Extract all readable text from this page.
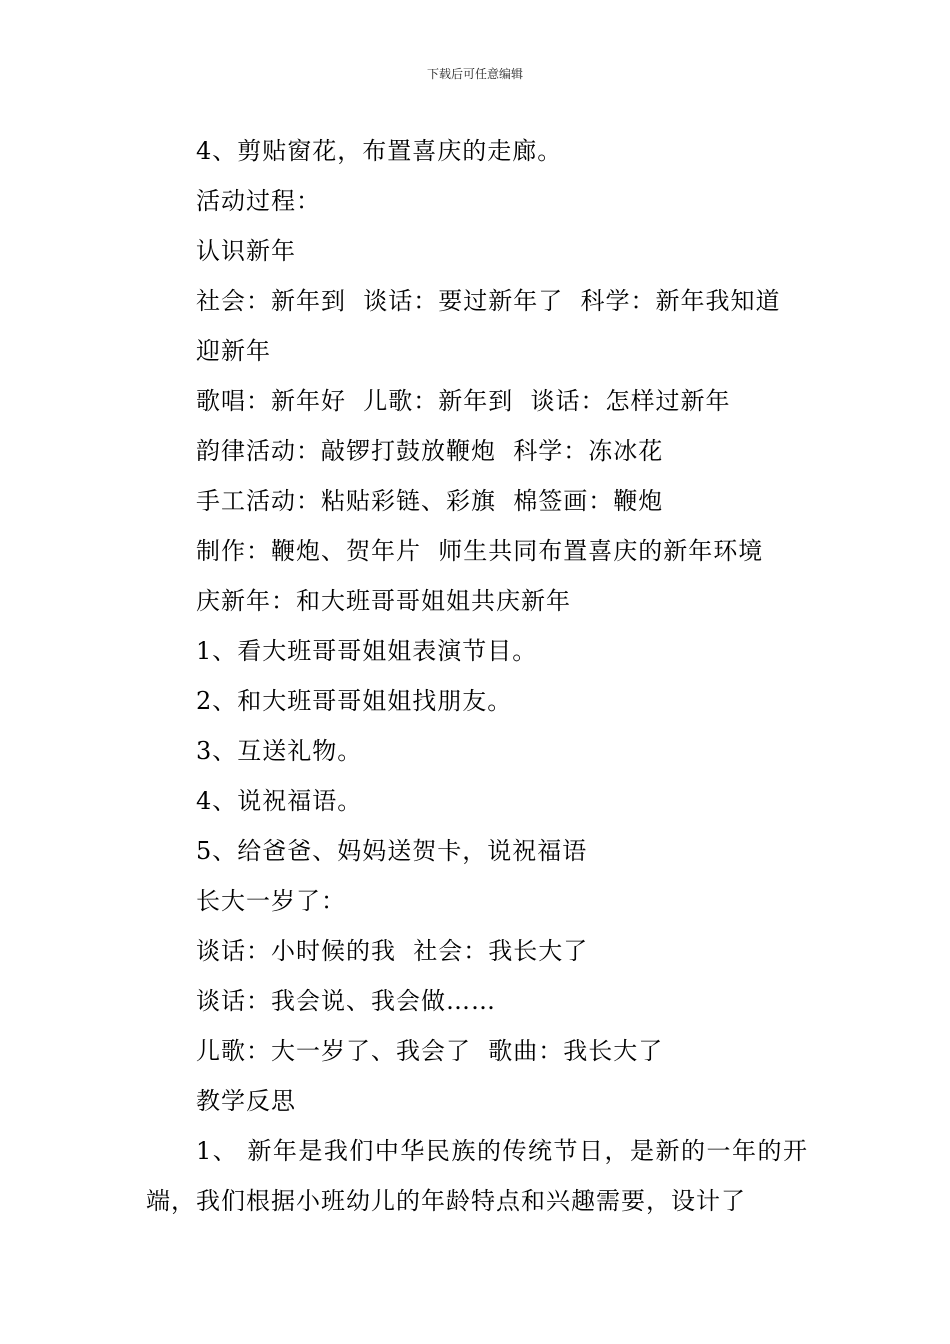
下载后可任意编辑
4、剪贴窗花，布置喜庆的走廊。
活动过程：
认识新年
社会：新年到  谈话：要过新年了  科学：新年我知道
迎新年
歌唱：新年好  儿歌：新年到  谈话：怎样过新年
韵律活动：敲锣打鼓放鞭炮  科学：冻冰花
手工活动：粘贴彩链、彩旗  棉签画：鞭炮
制作：鞭炮、贺年片  师生共同布置喜庆的新年环境
庆新年：和大班哥哥姐姐共庆新年
1、看大班哥哥姐姐表演节目。
2、和大班哥哥姐姐找朋友。
3、互送礼物。
4、说祝福语。
5、给爸爸、妈妈送贺卡，说祝福语
长大一岁了：
谈话：小时候的我  社会：我长大了
谈话：我会说、我会做……
儿歌：大一岁了、我会了  歌曲：我长大了
教学反思
1、 新年是我们中华民族的传统节日，是新的一年的开端，我们根据小班幼儿的年龄特点和兴趣需要，设计了
